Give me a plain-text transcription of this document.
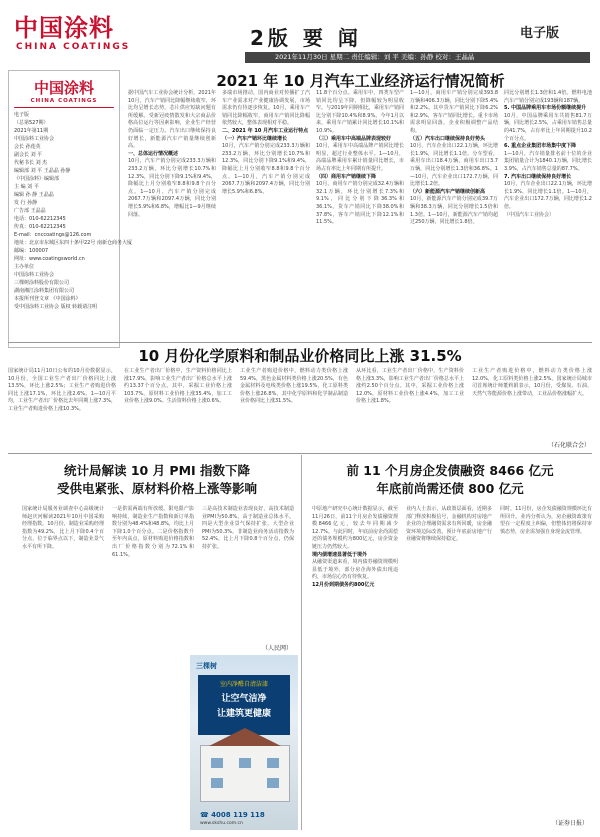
中国涂料
CHINA COATINGS	2版 要 闻	电子版
2021年11月30日 星期二 责任编辑：刘 平 美编：孙静 校对：王晶晶
中国涂料
CHINA COATINGS
电子版
（总第527期）
2021年第11期
中国涂料工业协会
会长 孙莲英
副会长 刘 平
代秘书长 刘 杰
编辑部 刘 平 王晶晶 孙静
《中国涂料》编辑部
主 编 刘 平
编辑 孙 静 王晶晶
发 行 孙静
广告部 王晶晶
电话：010-62212345
传真：010-62212345
E-mail：cnccoatings@126.com
地址：北京市东城区东四十条甲22号 南新仓商务大厦
邮编：100007
网址：www.coatingsworld.cn
主办单位
中国涂料工业协会
三棵树涂料股份有限公司
湖南湘江涂料集团有限公司
本报所刊登文章 《中国涂料》
受中国涂料工业协会 版权 转载请注明
2021 年 10 月汽车工业经济运行情况简析
据中国汽车工业协会统计分析，2021年10月，汽车产销同比降幅继续收窄，环比均呈增长态势，芯片供应短缺问题有所缓解。受新冠疫情散发和大宗商品价格高位运行等因素影响，企业生产经营仍面临一定压力。汽车出口继续保持良好增长，新能源汽车产销量继续创新高。
一、总体运行情况概述
10月，汽车产销分别完成233.3万辆和233.2万辆，环比分别增长10.7%和12.3%，同比分别下降9.1%和9.4%，降幅比上月分别收窄8.8和9.8个百分点。1—10月，汽车产销分别完成2067.7万辆和2097.4万辆，同比分别增长5.9%和6.8%，增幅比1—9月继续回落。
多端市场推动，国内商业对传播扩了汽车产业需求对产业健康协调发展，市场需求仍有待逐步恢复。10月，乘用车产销同比降幅收窄，商用车产销同比降幅依然较大，整体表现相对平稳。
二、2021 年 10 月汽车工业运行特点
（一）汽车产销环比继续增长
10月，汽车产销分别完成233.3万辆和233.2万辆，环比分别增长10.7%和12.3%，同比分别下降9.1%和9.4%，降幅比上月分别收窄8.8和9.8个百分点。1—10月，汽车产销分别完成2067.7万辆和2097.4万辆，同比分别增长5.9%和6.8%。
11.8个百分点。乘用车中，四类车型产销同比均呈下降，但降幅较为明显收窄。与2019年同期相比，乘用车产销同比分别下降10.4%和8.9%。今年1月以来，乘用车产销累计同比增长10.1%和10.9%。
（三）乘用车中高端品牌表现较好
10月，乘用车中高端品牌产销同比增长明显，超过行业整体水平。1—10月，高端品牌乘用车累计销量同比增长，市场占有率比上年同期有所提升。
（四）商用车产销继续下降
10月，商用车产销分别完成32.4万辆和32.1万辆，环比分别增长7.3%和9.1%，同比分别下降36.3%和36.1%。货车产销同比下降38.0%和37.8%，客车产销同比下降12.1%和11.5%。
1—10月，商用车产销分别完成393.8万辆和406.3万辆，同比分别下降5.4%和2.2%。其中货车产销同比下降6.2%和2.9%，客车产销同比增长。重卡市场需求明显回落，企业积极调整产品结构。
（五）汽车出口继续保持良好势头
10月，汽车企业出口22.1万辆，环比增长1.9%，同比增长1.1倍。分车型看，乘用车出口18.4万辆，商用车出口3.7万辆，同比分别增长1.3倍和36.8%。1—10月，汽车企业出口172.7万辆，同比增长1.2倍。
（六）新能源汽车产销继续创新高
10月，新能源汽车产销分别完成39.7万辆和38.3万辆，同比分别增长1.5倍和1.3倍。1—10月，新能源汽车产销均超过250万辆，同比增长1.8倍。
同比分别增长1.3倍和1.4倍。燃料电池汽车产销分别完成193辆和187辆。
5. 中国品牌乘用车市场份额继续提升
10月，中国品牌乘用车共销售81.7万辆，同比增长2.5%，占乘用车销售总量的41.7%，占有率比上年同期提升10.2个百分点。
6. 重点企业集团市场集中度下降
1—10月，汽车销量排名前十位的企业集团销量合计为1840.1万辆，同比增长3.9%，占汽车销售总量的87.7%。
7. 汽车出口继续保持良好增长
10月，汽车企业出口22.1万辆，环比增长1.9%，同比增长1.1倍。1—10月，汽车企业出口172.7万辆，同比增长1.2倍。
（中国汽车工业协会）
10 月份化学原料和制品业价格同比上涨 31.5%
国家统计局11月10日公布的10月份数据显示，10月份，全国工业生产者出厂价格同比上涨13.5%，环比上涨2.5%；工业生产者购进价格同比上涨17.1%，环比上涨2.6%。1—10月平均，工业生产者出厂价格比去年同期上涨7.3%，工业生产者购进价格上涨10.3%。
在工业生产者出厂价格中，生产资料价格同比上涨17.9%，影响工业生产者出厂价格总水平上涨约13.37个百分点。其中，采掘工业价格上涨103.7%，原材料工业价格上涨35.4%，加工工业价格上涨9.0%。生活资料价格上涨0.6%。
工业生产者购进价格中，燃料动力类价格上涨59.4%，黑色金属材料类价格上涨20.5%，有色金属材料及电线类价格上涨19.5%，化工原料类价格上涨26.8%，其中化学原料和化学制品制造业价格同比上涨31.5%。
从环比看，工业生产者出厂价格中，生产资料价格上涨3.3%，影响工业生产者出厂价格总水平上涨约2.50个百分点。其中，采掘工业价格上涨12.0%，原材料工业价格上涨4.4%，加工工业价格上涨1.8%。
工业生产者购进价格中，燃料动力类价格上涨12.0%，化工原料类价格上涨2.5%。国家统计局城市司首席统计师董莉娟表示，10月份，受煤炭、石油、天然气等能源价格上涨带动，工业品价格涨幅扩大。
（石化联合会）
统计局解读 10 月 PMI 指数下降
受供电紧张、原材料价格上涨等影响
国家统计局服务业调查中心高级统计师赵庆河解读2021年10月中国采购经理指数。10月份，制造业采购经理指数为49.2%，比上月下降0.4个百分点，位于临界点以下，制造业景气水平有所下降。
一是供需两端有所放缓。限电限产影响持续，制造业生产指数和新订单指数分别为48.4%和48.8%，均比上月下降1.0个百分点。二是价格指数升至年内高点，原材料购进价格指数和出厂价格指数分别为72.1%和61.1%。
三是高技术制造业表现良好，高技术制造业PMI为50.8%，高于制造业总体水平。四是大型企业景气保持扩张，大型企业PMI为50.3%。非制造业商务活动指数为52.4%，比上月下降0.8个百分点，仍保持扩张。
（人民网）
三棵树
室内净醛自清洁漆
让空气洁净
让建筑更健康
☎ 4008 119 118
www.skshu.com.cn
前 11 个月房企发债融资 8466 亿元
年底前尚需还债 800 亿元
中原地产研究中心统计数据显示，截至11月26日，前11个月房企发债融资规模8466亿元，较去年同期减少12.7%。与此同时，年底前房企尚需偿还的债务规模约为800亿元，房企资金链压力仍然较大。
境内债增速显著低于境外
从融资渠道来看，境内债券融资规模明显低于境外，部分房企海外债出现违约，市场信心仍有待恢复。
12月份到期债务约800亿元
业内人士表示，从政策层面看，近期多部门释放积极信号，金融机构对房地产企业的合理融资需求有所回暖，房企融资环境边际改善。预计年底前房地产行业融资将继续保持稳定。
同时，11月份，房企发债融资规模环比有所回升。业内分析认为，房企融资政策有望在一定程度上纠偏，但整体仍将保持审慎态势，房企需加强自身现金流管理。
（证券日报）
